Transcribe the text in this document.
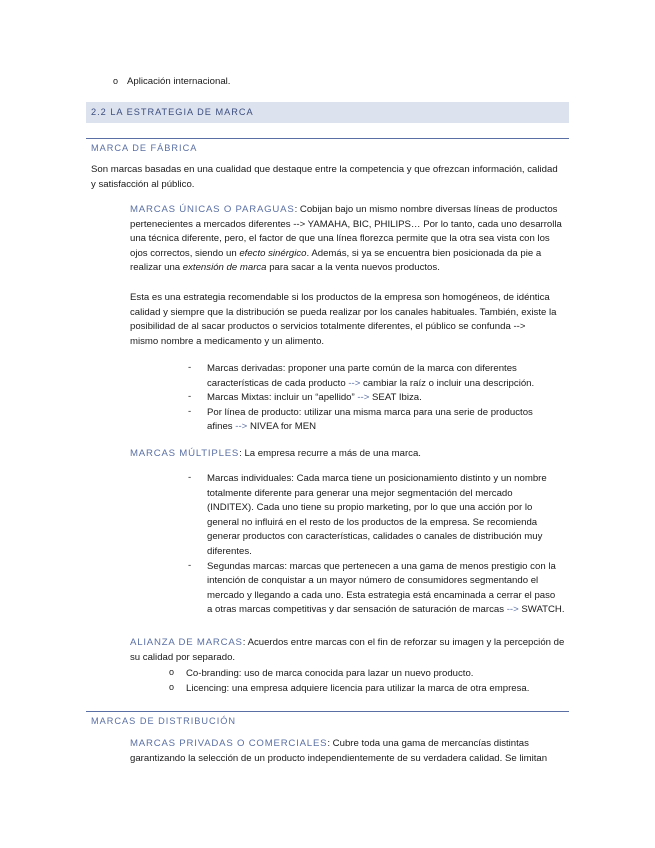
o Aplicación internacional.
2.2 LA ESTRATEGIA DE MARCA
MARCA DE FÁBRICA

Son marcas basadas en una cualidad que destaque entre la competencia y que ofrezcan información, calidad

y satisfacción al público.

MARCAS ÚNICAS O PARAGUAS: Cobijan bajo un mismo nombre diversas líneas de productos

pertenecientes a mercados diferentes --> YAMAHA, BIC, PHILIPS… Por lo tanto, cada uno desarrolla

una técnica diferente, pero, el factor de que una línea florezca permite que la otra sea vista con los

ojos correctos, siendo un efecto sinérgico. Además, si ya se encuentra bien posicionada da pie a

realizar una extensión de marca para sacar a la venta nuevos productos.

Esta es una estrategia recomendable si los productos de la empresa son homogéneos, de idéntica

calidad y siempre que la distribución se pueda realizar por los canales habituales. También, existe la

posibilidad de al sacar productos o servicios totalmente diferentes, el público se confunda -->

mismo nombre a medicamento y un alimento.

- Marcas derivadas: proponer una parte común de la marca con diferentes

características de cada producto --> cambiar la raíz o incluir una descripción.

- Marcas Mixtas: incluir un “apellido” --> SEAT Ibiza.

- Por línea de producto: utilizar una misma marca para una serie de productos

afines --> NIVEA for MEN

MARCAS MÚLTIPLES: La empresa recurre a más de una marca.

- Marcas individuales: Cada marca tiene un posicionamiento distinto y un nombre

totalmente diferente para generar una mejor segmentación del mercado

(INDITEX). Cada uno tiene su propio marketing, por lo que una acción por lo

general no influirá en el resto de los productos de la empresa. Se recomienda

generar productos con características, calidades o canales de distribución muy

diferentes.

- Segundas marcas: marcas que pertenecen a una gama de menos prestigio con la

intención de conquistar a un mayor número de consumidores segmentando el

mercado y llegando a cada uno. Esta estrategia está encaminada a cerrar el paso

a otras marcas competitivas y dar sensación de saturación de marcas --> SWATCH.

ALIANZA DE MARCAS: Acuerdos entre marcas con el fin de reforzar su imagen y la percepción de

su calidad por separado.

o Co-branding: uso de marca conocida para lazar un nuevo producto.

o Licencing: una empresa adquiere licencia para utilizar la marca de otra empresa.

MARCAS DE DISTRIBUCIÓN

MARCAS PRIVADAS O COMERCIALES: Cubre toda una gama de mercancías distintas

garantizando la selección de un producto independientemente de su verdadera calidad. Se limitan
